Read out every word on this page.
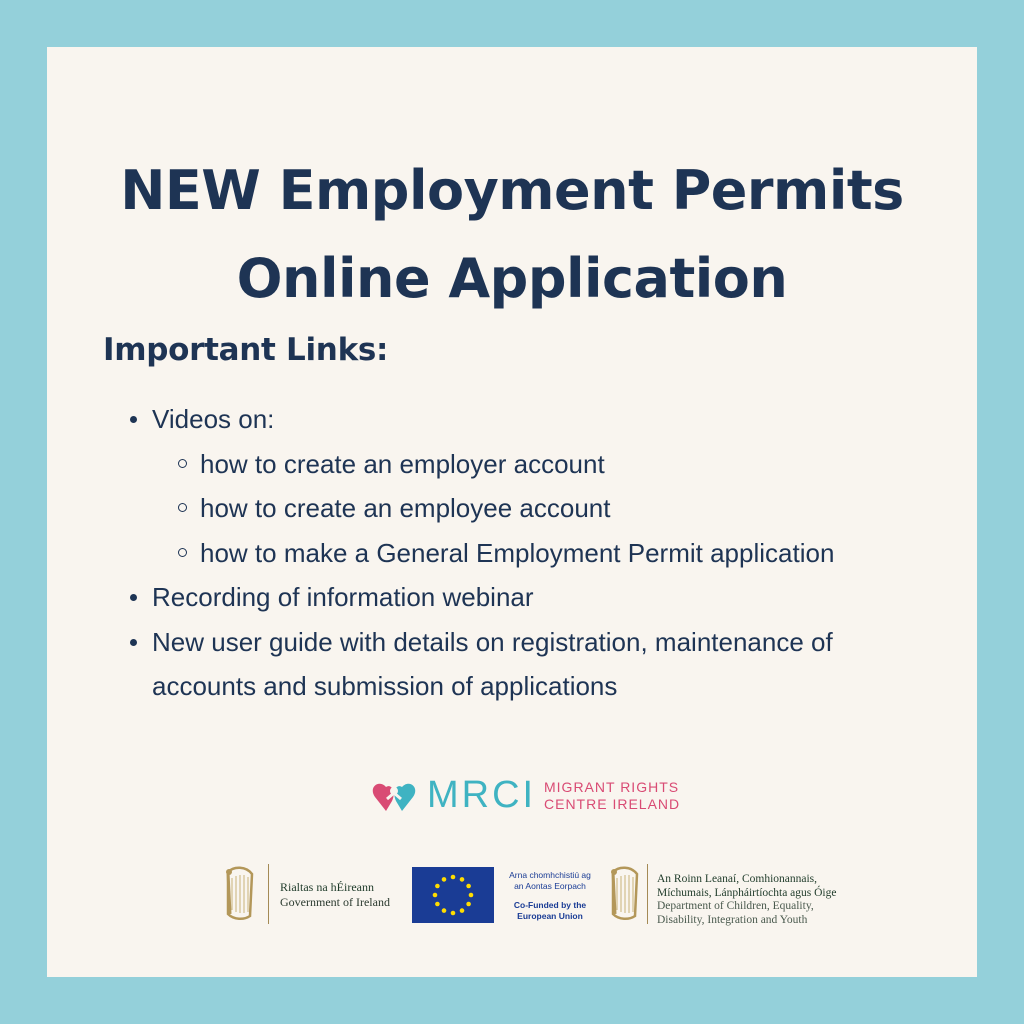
NEW Employment Permits
Online Application
Important Links:
Videos on:
how to create an employer account
how to create an employee account
how to make a General Employment Permit application
Recording of information webinar
New user guide with details on registration, maintenance of accounts and submission of applications
MRCI MIGRANT RIGHTS
CENTRE IRELAND
Rialtas na hÉireann
Government of Ireland
Arna chomhchistiú ag
an Aontas Eorpach
Co-Funded by the
European Union
An Roinn Leanaí, Comhionannais,
Míchumais, Lánpháirtíochta agus Óige
Department of Children, Equality,
Disability, Integration and Youth
